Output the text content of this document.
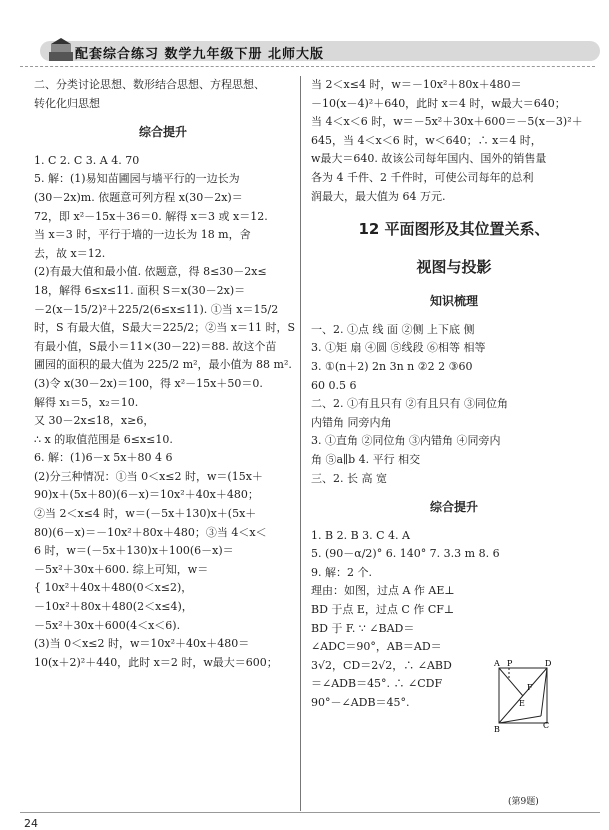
配套综合练习 数学九年级下册 北师大版
二、分类讨论思想、数形结合思想、方程思想、
转化化归思想
综合提升
1. C 2. C 3. A 4. 70
5. 解：(1)易知苗圃园与墙平行的一边长为
(30－2x)m. 依题意可列方程 x(30－2x)＝
72，即 x²－15x＋36＝0. 解得 x＝3 或 x＝12.
当 x＝3 时，平行于墙的一边长为 18 m，舍
去，故 x＝12.
(2)有最大值和最小值. 依题意，得 8≤30－2x≤
18，解得 6≤x≤11. 面积 S＝x(30－2x)＝
－2(x－15/2)²＋225/2(6≤x≤11). ①当 x＝15/2
时，S 有最大值，S最大＝225/2；②当 x＝11 时，S
有最小值，S最小＝11×(30－22)＝88. 故这个苗
圃园的面积的最大值为 225/2 m²，最小值为 88 m².
(3)令 x(30－2x)＝100，得 x²－15x＋50＝0.
解得 x₁＝5，x₂＝10.
又 30－2x≤18，x≥6，
∴ x 的取值范围是 6≤x≤10.
6. 解：(1)6－x 5x＋80 4 6
(2)分三种情况：①当 0＜x≤2 时，w＝(15x＋
90)x＋(5x＋80)(6－x)＝10x²＋40x＋480；
②当 2＜x≤4 时，w＝(－5x＋130)x＋(5x＋
80)(6－x)＝－10x²＋80x＋480；③当 4＜x＜
6 时，w＝(－5x＋130)x＋100(6－x)＝
－5x²＋30x＋600. 综上可知，w＝
{ 10x²＋40x＋480(0＜x≤2)，
－10x²＋80x＋480(2＜x≤4)，
－5x²＋30x＋600(4＜x＜6).
(3)当 0＜x≤2 时，w＝10x²＋40x＋480＝
10(x＋2)²＋440，此时 x＝2 时，w最大＝600；
当 2＜x≤4 时，w＝－10x²＋80x＋480＝
－10(x－4)²＋640，此时 x＝4 时，w最大＝640；
当 4＜x＜6 时，w＝－5x²＋30x＋600＝－5(x－3)²＋
645，当 4＜x＜6 时，w＜640；∴ x＝4 时，
w最大＝640. 故该公司每年国内、国外的销售量
各为 4 千件、2 千件时，可使公司每年的总利
润最大，最大值为 64 万元.
12 平面图形及其位置关系、
视图与投影
知识梳理
一、2. ①点 线 面 ②侧 上下底 侧
3. ①矩 扇 ④圆 ⑤线段 ⑥相等 相等
3. ①(n＋2) 2n 3n n ②2 2 ③60
60 0.5 6
二、2. ①有且只有 ②有且只有 ③同位角
内错角 同旁内角
3. ①直角 ②同位角 ③内错角 ④同旁内
角 ⑤a∥b 4. 平行 相交
三、2. 长 高 宽
综合提升
1. B 2. B 3. C 4. A
5. (90－α/2)° 6. 140° 7. 3.3 m 8. 6
9. 解：2 个.
理由：如图，过点 A 作 AE⊥
BD 于点 E，过点 C 作 CF⊥
BD 于 F. ∵ ∠BAD＝
∠ADC＝90°，AB＝AD＝
3√2，CD＝2√2，∴ ∠ABD
＝∠ADB＝45°. ∴ ∠CDF
90°－∠ADB＝45°.
A P	D
F
E
B	C
(第9题)
24
